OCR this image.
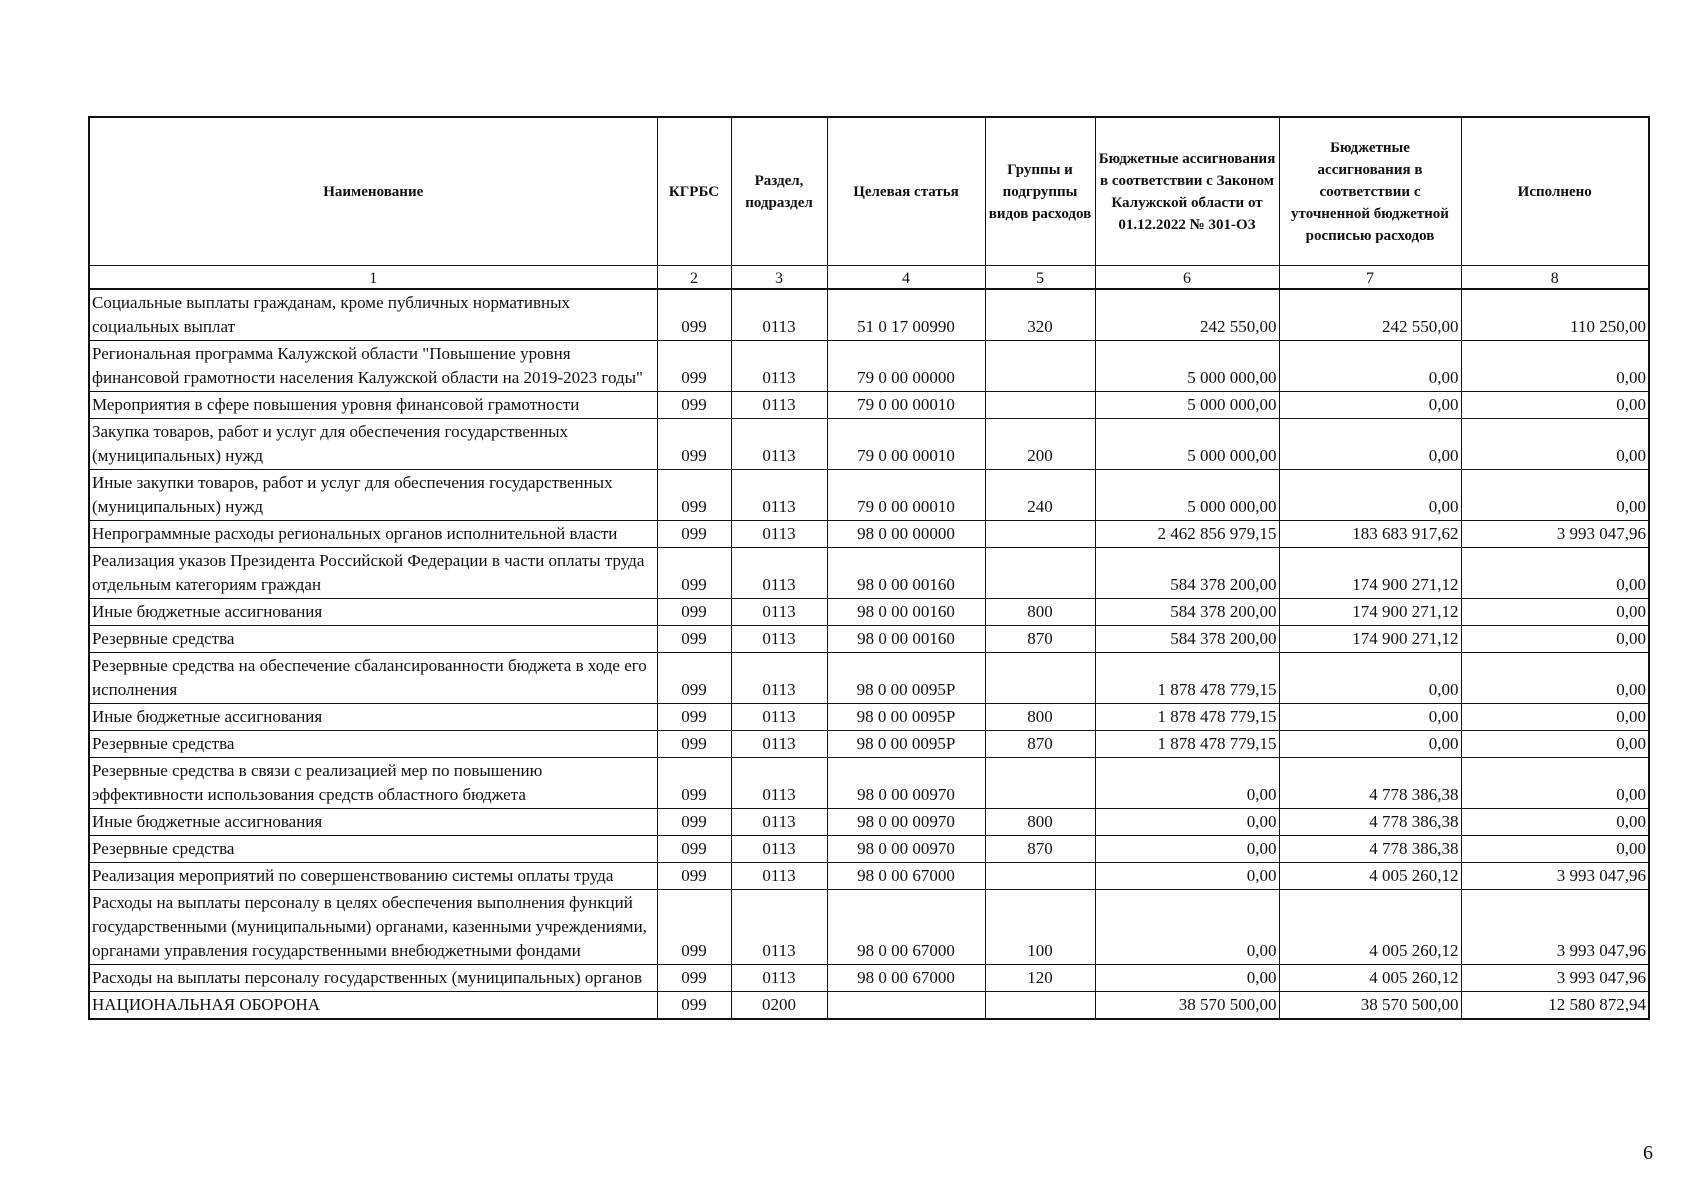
Наименование	КГРБС	Раздел, подраздел	Целевая статья	Группы и подгруппы видов расходов	Бюджетные ассигнования в соответствии с Законом Калужской области от 01.12.2022 № 301-ОЗ	Бюджетные ассигнования в соответствии с уточненной бюджетной росписью расходов	Исполнено
1	2	3	4	5	6	7	8
Социальные выплаты гражданам, кроме публичных нормативных социальных выплат	099	0113	51 0 17 00990	320	242 550,00	242 550,00	110 250,00
Региональная программа Калужской области "Повышение уровня финансовой грамотности населения Калужской области на 2019-2023 годы"	099	0113	79 0 00 00000		5 000 000,00	0,00	0,00
Мероприятия в сфере повышения уровня финансовой грамотности	099	0113	79 0 00 00010		5 000 000,00	0,00	0,00
Закупка товаров, работ и услуг для обеспечения государственных (муниципальных) нужд	099	0113	79 0 00 00010	200	5 000 000,00	0,00	0,00
Иные закупки товаров, работ и услуг для обеспечения государственных (муниципальных) нужд	099	0113	79 0 00 00010	240	5 000 000,00	0,00	0,00
Непрограммные расходы региональных органов исполнительной власти	099	0113	98 0 00 00000		2 462 856 979,15	183 683 917,62	3 993 047,96
Реализация указов Президента Российской Федерации в части оплаты труда отдельным категориям граждан	099	0113	98 0 00 00160		584 378 200,00	174 900 271,12	0,00
Иные бюджетные ассигнования	099	0113	98 0 00 00160	800	584 378 200,00	174 900 271,12	0,00
Резервные средства	099	0113	98 0 00 00160	870	584 378 200,00	174 900 271,12	0,00
Резервные средства на обеспечение сбалансированности бюджета в ходе его исполнения	099	0113	98 0 00 0095Р		1 878 478 779,15	0,00	0,00
Иные бюджетные ассигнования	099	0113	98 0 00 0095Р	800	1 878 478 779,15	0,00	0,00
Резервные средства	099	0113	98 0 00 0095Р	870	1 878 478 779,15	0,00	0,00
Резервные средства в связи с реализацией мер по повышению эффективности использования средств областного бюджета	099	0113	98 0 00 00970		0,00	4 778 386,38	0,00
Иные бюджетные ассигнования	099	0113	98 0 00 00970	800	0,00	4 778 386,38	0,00
Резервные средства	099	0113	98 0 00 00970	870	0,00	4 778 386,38	0,00
Реализация мероприятий по совершенствованию системы оплаты труда	099	0113	98 0 00 67000		0,00	4 005 260,12	3 993 047,96
Расходы на выплаты персоналу в целях обеспечения выполнения функций государственными (муниципальными) органами, казенными учреждениями, органами управления государственными внебюджетными фондами	099	0113	98 0 00 67000	100	0,00	4 005 260,12	3 993 047,96
Расходы на выплаты персоналу государственных (муниципальных) органов	099	0113	98 0 00 67000	120	0,00	4 005 260,12	3 993 047,96
НАЦИОНАЛЬНАЯ ОБОРОНА	099	0200			38 570 500,00	38 570 500,00	12 580 872,94
6
